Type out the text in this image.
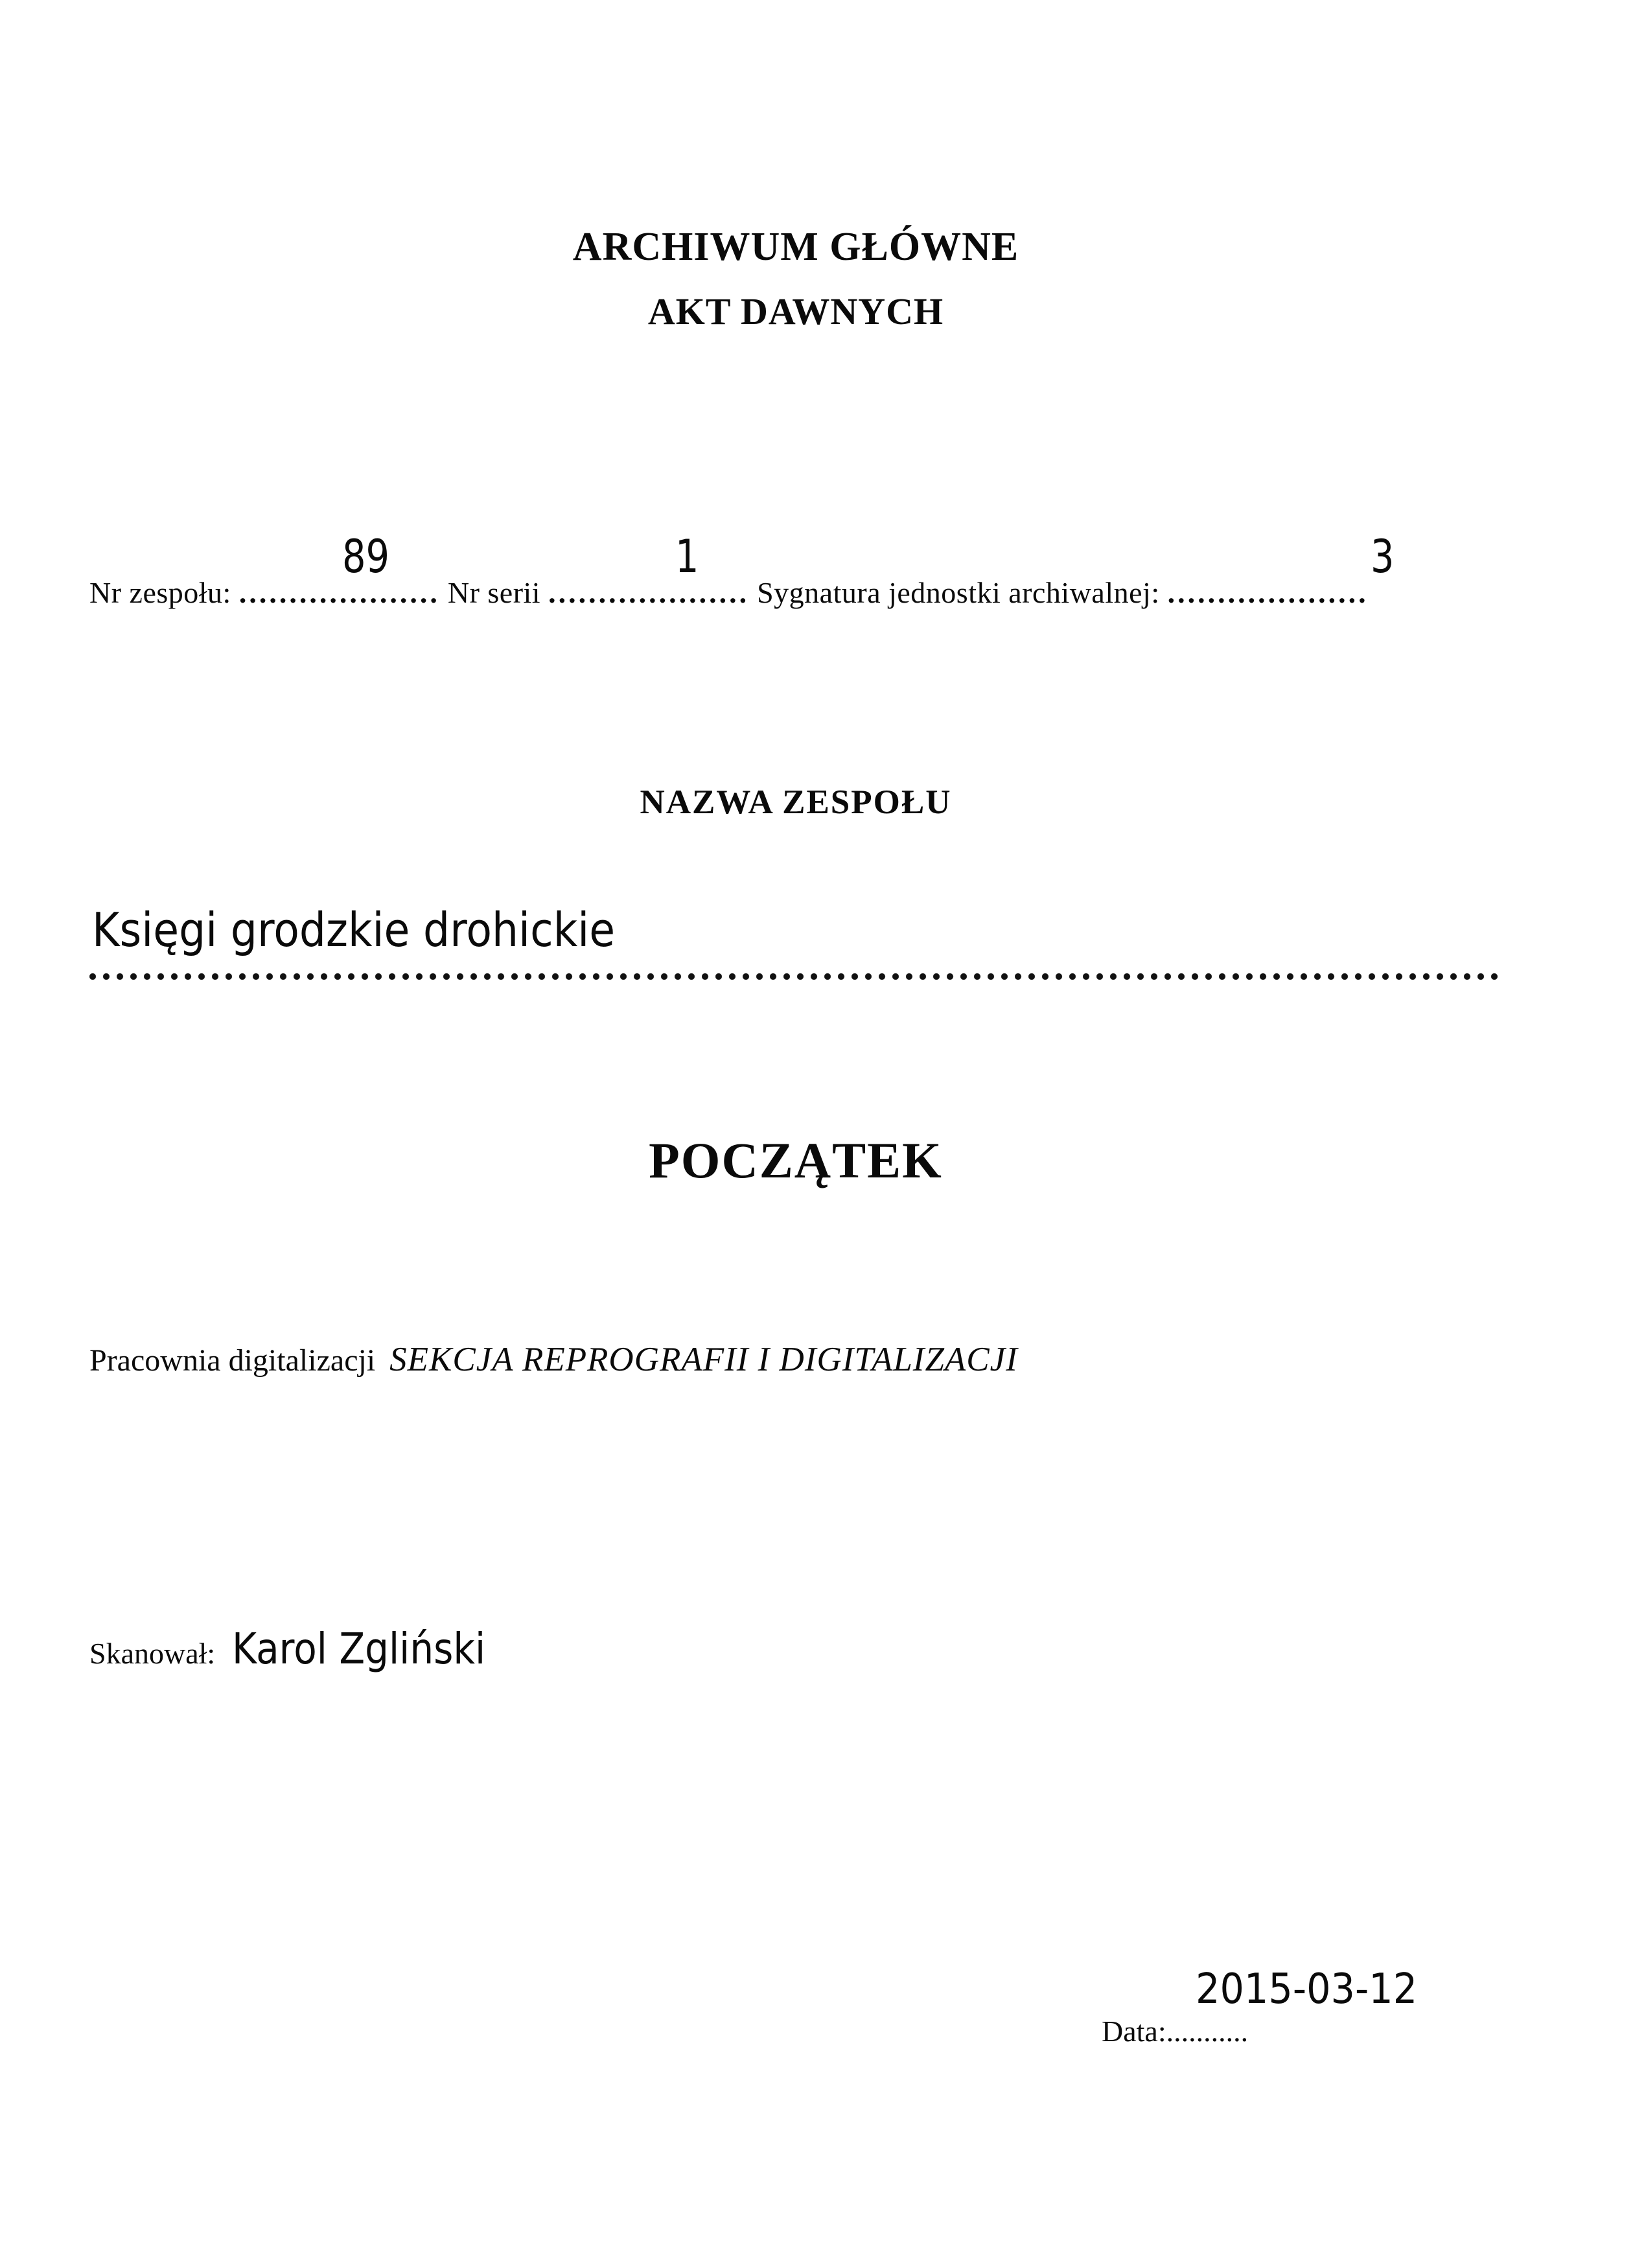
ARCHIWUM GŁÓWNE
AKT DAWNYCH
Nr zespołu: .................... Nr serii .................... Sygnatura jednostki archiwalnej: ....................
89	1	3
NAZWA ZESPOŁU
Księgi grodzkie drohickie
POCZĄTEK
Pracownia digitalizacji SEKCJA REPROGRAFII I DIGITALIZACJI
Skanował: Karol Zgliński
2015-03-12
Data:...........
